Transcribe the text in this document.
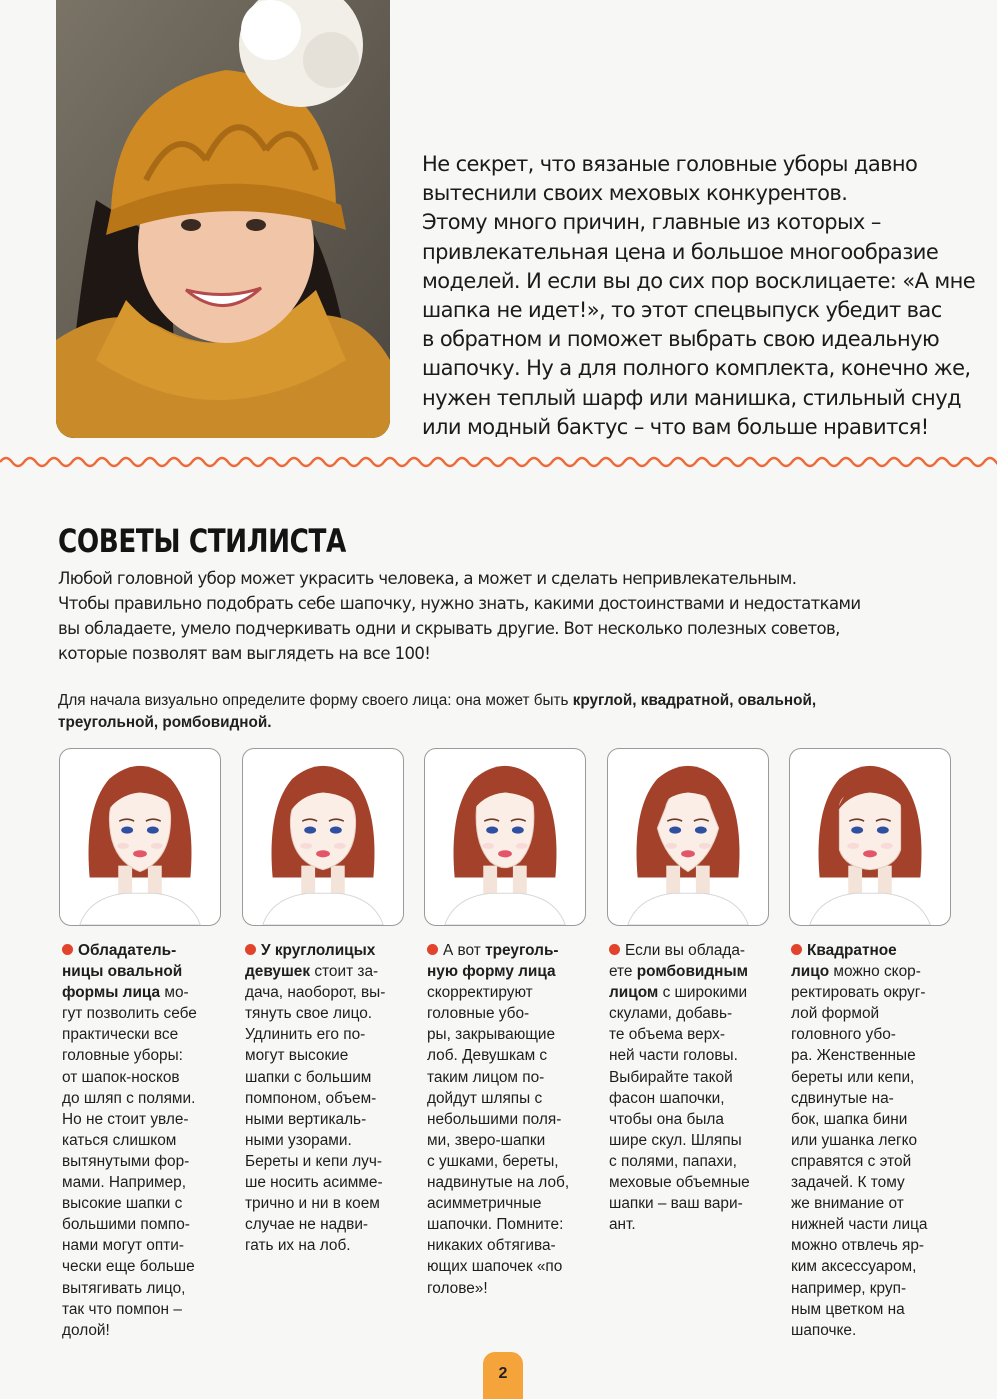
Не секрет, что вязаные головные уборы давно
вытеснили своих меховых конкурентов.
Этому много причин, главные из которых –
привлекательная цена и большое многообразие
моделей. И если вы до сих пор восклицаете: «А мне
шапка не идет!», то этот спецвыпуск убедит вас
в обратном и поможет выбрать свою идеальную
шапочку. Ну а для полного комплекта, конечно же,
нужен теплый шарф или манишка, стильный снуд
или модный бактус – что вам больше нравится!
СОВЕТЫ СТИЛИСТА
Любой головной убор может украсить человека, а может и сделать непривлекательным.
Чтобы правильно подобрать себе шапочку, нужно знать, какими достоинствами и недостатками
вы обладаете, умело подчеркивать одни и скрывать другие. Вот несколько полезных советов,
которые позволят вам выглядеть на все 100!
Для начала визуально определите форму своего лица: она может быть круглой, квадратной, овальной,
треугольной, ромбовидной.
Обладатель-
ницы овальной
формы лица мо-
гут позволить себе
практически все
головные уборы:
от шапок-носков
до шляп с полями.
Но не стоит увле-
каться слишком
вытянутыми фор-
мами. Например,
высокие шапки с
большими помпо-
нами могут опти-
чески еще больше
вытягивать лицо,
так что помпон –
долой!
У круглолицых
девушек стоит за-
дача, наоборот, вы-
тянуть свое лицо.
Удлинить его по-
могут высокие
шапки с большим
помпоном, объем-
ными вертикаль-
ными узорами.
Береты и кепи луч-
ше носить асимме-
трично и ни в коем
случае не надви-
гать их на лоб.
А вот треуголь-
ную форму лица
скорректируют
головные убо-
ры, закрывающие
лоб. Девушкам с
таким лицом по-
дойдут шляпы с
небольшими поля-
ми, зверо-шапки
с ушками, береты,
надвинутые на лоб,
асимметричные
шапочки. Помните:
никаких обтягива-
ющих шапочек «по
голове»!
Если вы облада-
ете ромбовидным
лицом с широкими
скулами, добавь-
те объема верх-
ней части головы.
Выбирайте такой
фасон шапочки,
чтобы она была
шире скул. Шляпы
с полями, папахи,
меховые объемные
шапки – ваш вари-
ант.
Квадратное
лицо можно скор-
ректировать округ-
лой формой
головного убо-
ра. Женственные
береты или кепи,
сдвинутые на-
бок, шапка бини
или ушанка легко
справятся с этой
задачей. К тому
же внимание от
нижней части лица
можно отвлечь яр-
ким аксессуаром,
например, круп-
ным цветком на
шапочке.
2
